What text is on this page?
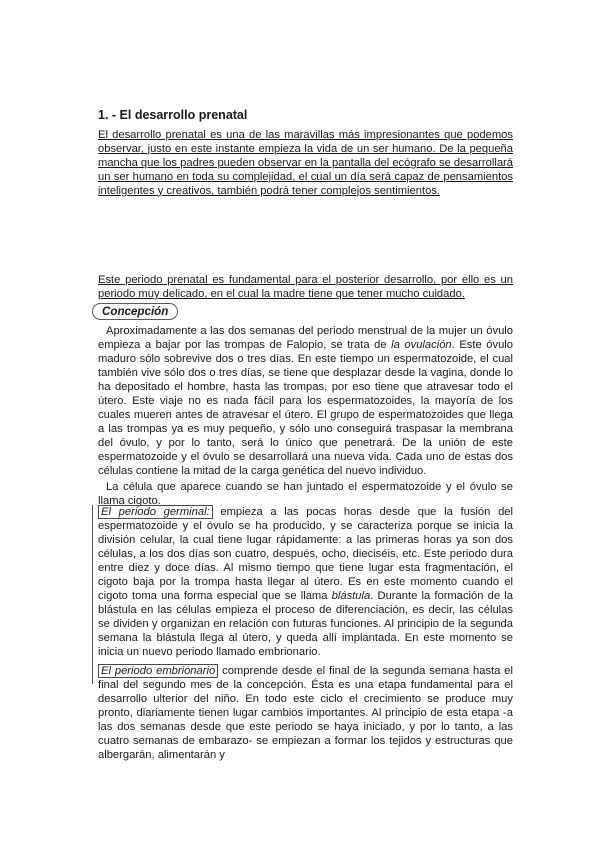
1. - El desarrollo prenatal
El desarrollo prenatal es una de las maravillas más impresionantes que podemos observar, justo en este instante empieza la vida de un ser humano. De la pequeña mancha que los padres pueden observar en la pantalla del ecógrafo se desarrollará un ser humano en toda su complejidad, el cual un día será capaz de pensamientos inteligentes y creativos, también podrá tener complejos sentimientos.
Este periodo prenatal es fundamental para el posterior desarrollo, por ello es un periodo muy delicado, en el cual la madre tiene que tener mucho cuidado.
Concepción
Aproximadamente a las dos semanas del periodo menstrual de la mujer un óvulo empieza a bajar por las trompas de Falopio, se trata de la ovulación. Este óvulo maduro sólo sobrevive dos o tres días. En este tiempo un espermatozoide, el cual también vive sólo dos o tres días, se tiene que desplazar desde la vagina, donde lo ha depositado el hombre, hasta las trompas, por eso tiene que atravesar todo el útero. Este viaje no es nada fácil para los espermatozoides, la mayoría de los cuales mueren antes de atravesar el útero. El grupo de espermatozoides que llega a las trompas ya es muy pequeño, y sólo uno conseguirá traspasar la membrana del óvulo, y por lo tanto, será lo único que penetrará. De la unión de este espermatozoide y el óvulo se desarrollará una nueva vida. Cada uno de estas dos células contiene la mitad de la carga genética del nuevo individuo.
La célula que aparece cuando se han juntado el espermatozoide y el óvulo se llama cigoto.
El periodo germinal: empieza a las pocas horas desde que la fusión del espermatozoide y el óvulo se ha producido, y se caracteriza porque se inicia la división celular, la cual tiene lugar rápidamente: a las primeras horas ya son dos células, a los dos días son cuatro, después, ocho, dieciséis, etc. Este periodo dura entre diez y doce días. Al mismo tiempo que tiene lugar esta fragmentación, el cigoto baja por la trompa hasta llegar al útero. Es en este momento cuando el cigoto toma una forma especial que se llama blástula. Durante la formación de la blástula en las células empieza el proceso de diferenciación, es decir, las células se dividen y organizan en relación con futuras funciones. Al principio de la segunda semana la blástula llega al útero, y queda allí implantada. En este momento se inicia un nuevo periodo llamado embrionario.
El periodo embrionario comprende desde el final de la segunda semana hasta el final del segundo mes de la concepción. Ésta es una etapa fundamental para el desarrollo ulterior del niño. En todo este ciclo el crecimiento se produce muy pronto, diariamente tienen lugar cambios importantes. Al principio de esta etapa -a las dos semanas desde que este periodo se haya iniciado, y por lo tanto, a las cuatro semanas de embarazo- se empiezan a formar los tejidos y estructuras que albergarán, alimentarán y
